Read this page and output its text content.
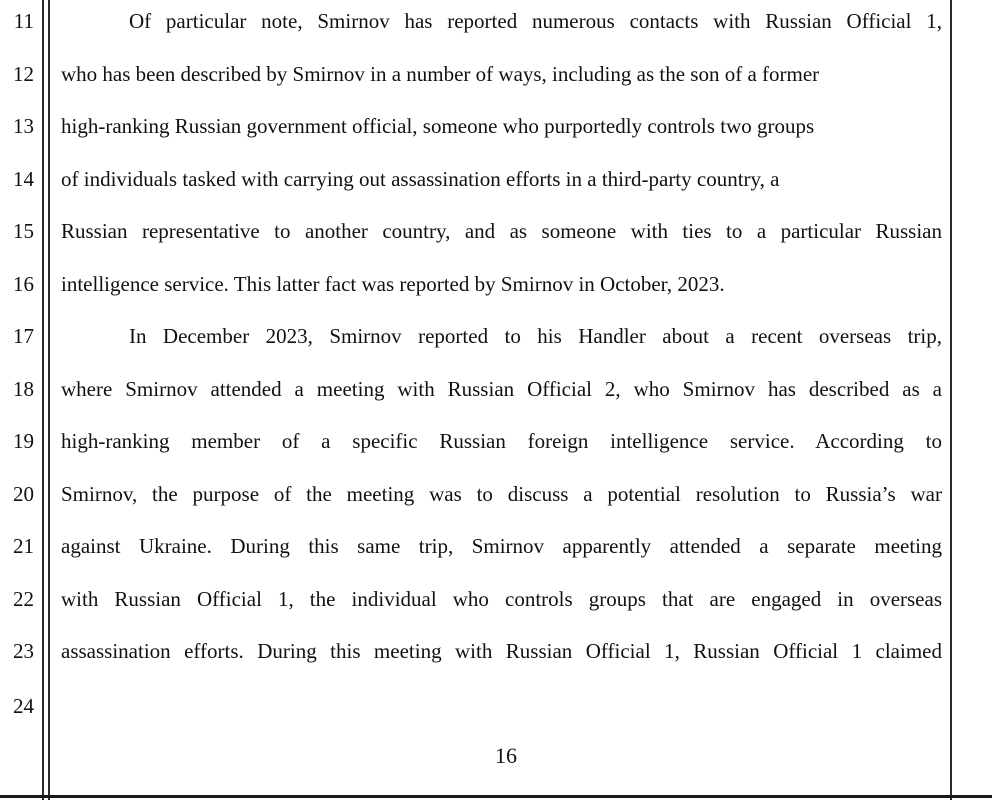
11
12
13
14
15
16
17
18
19
20
21
22
23
24
Of particular note, Smirnov has reported numerous contacts with Russian Official 1,
who has been described by Smirnov in a number of ways, including as the son of a former
high-ranking Russian government official, someone who purportedly controls two groups
of individuals tasked with carrying out assassination efforts in a third-party country, a
Russian representative to another country, and as someone with ties to a particular Russian
intelligence service. This latter fact was reported by Smirnov in October, 2023.
In December 2023, Smirnov reported to his Handler about a recent overseas trip,
where Smirnov attended a meeting with Russian Official 2, who Smirnov has described as a
high-ranking member of a specific Russian foreign intelligence service. According to
Smirnov, the purpose of the meeting was to discuss a potential resolution to Russia’s war
against Ukraine. During this same trip, Smirnov apparently attended a separate meeting
with Russian Official 1, the individual who controls groups that are engaged in overseas
assassination efforts. During this meeting with Russian Official 1, Russian Official 1 claimed
16
